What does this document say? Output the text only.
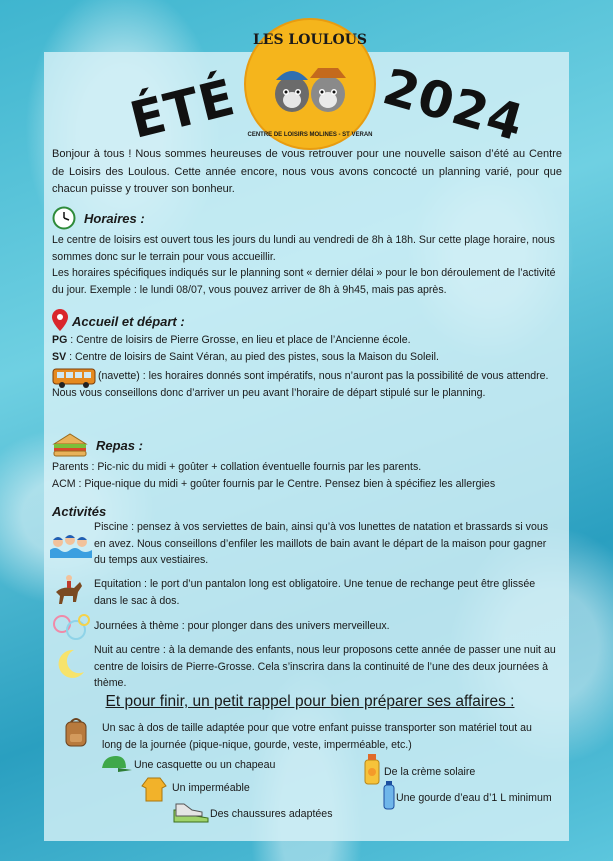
ÉTÉ	2024
LES LOULOUS
CENTRE DE LOISIRS MOLINES - ST VERAN
Bonjour à tous ! Nous sommes heureuses de vous retrouver pour une nouvelle saison d’été au Centre de Loisirs des Loulous. Cette année encore, nous vous avons concocté un planning varié, pour que chacun puisse y trouver son bonheur.
Horaires :
Le centre de loisirs est ouvert tous les jours du lundi au vendredi de 8h à 18h. Sur cette plage horaire, nous sommes donc sur le terrain pour vous accueillir.
Les horaires spécifiques indiqués sur le planning sont « dernier délai » pour le bon déroulement de l’activité du jour. Exemple : le lundi 08/07, vous pouvez arriver de 8h à 9h45, mais pas après.
Accueil et départ :
PG : Centre de loisirs de Pierre Grosse, en lieu et place de l’Ancienne école.
SV : Centre de loisirs de Saint Véran, au pied des pistes, sous la Maison du Soleil.
(navette) : les horaires donnés sont impératifs, nous n’auront pas la possibilité de vous attendre. Nous vous conseillons donc d’arriver un peu avant l’horaire de départ stipulé sur le planning.
Repas :
Parents : Pic-nic du midi + goûter + collation éventuelle fournis par les parents.
ACM : Pique-nique du midi + goûter fournis par le Centre. Pensez bien à spécifiez les allergies
Activités
Piscine : pensez à vos serviettes de bain, ainsi qu’à vos lunettes de natation et brassards si vous en avez. Nous conseillons d’enfiler les maillots de bain avant le départ de la maison pour gagner du temps aux vestiaires.
Equitation : le port d’un pantalon long est obligatoire. Une tenue de rechange peut être glissée dans le sac à dos.
Journées à thème : pour plonger dans des univers merveilleux.
Nuit au centre : à la demande des enfants, nous leur proposons cette année de passer une nuit au centre de loisirs de Pierre-Grosse. Cela s’inscrira dans la continuité de l’une des deux journées à thème.
Et pour finir, un petit rappel pour bien préparer ses affaires :
Un sac à dos de taille adaptée pour que votre enfant puisse transporter son matériel tout au long de la journée (pique-nique, gourde, veste, imperméable, etc.)
Une casquette ou un chapeau
Un imperméable
Des chaussures adaptées
De la crème solaire
Une gourde d’eau d’1 L minimum
